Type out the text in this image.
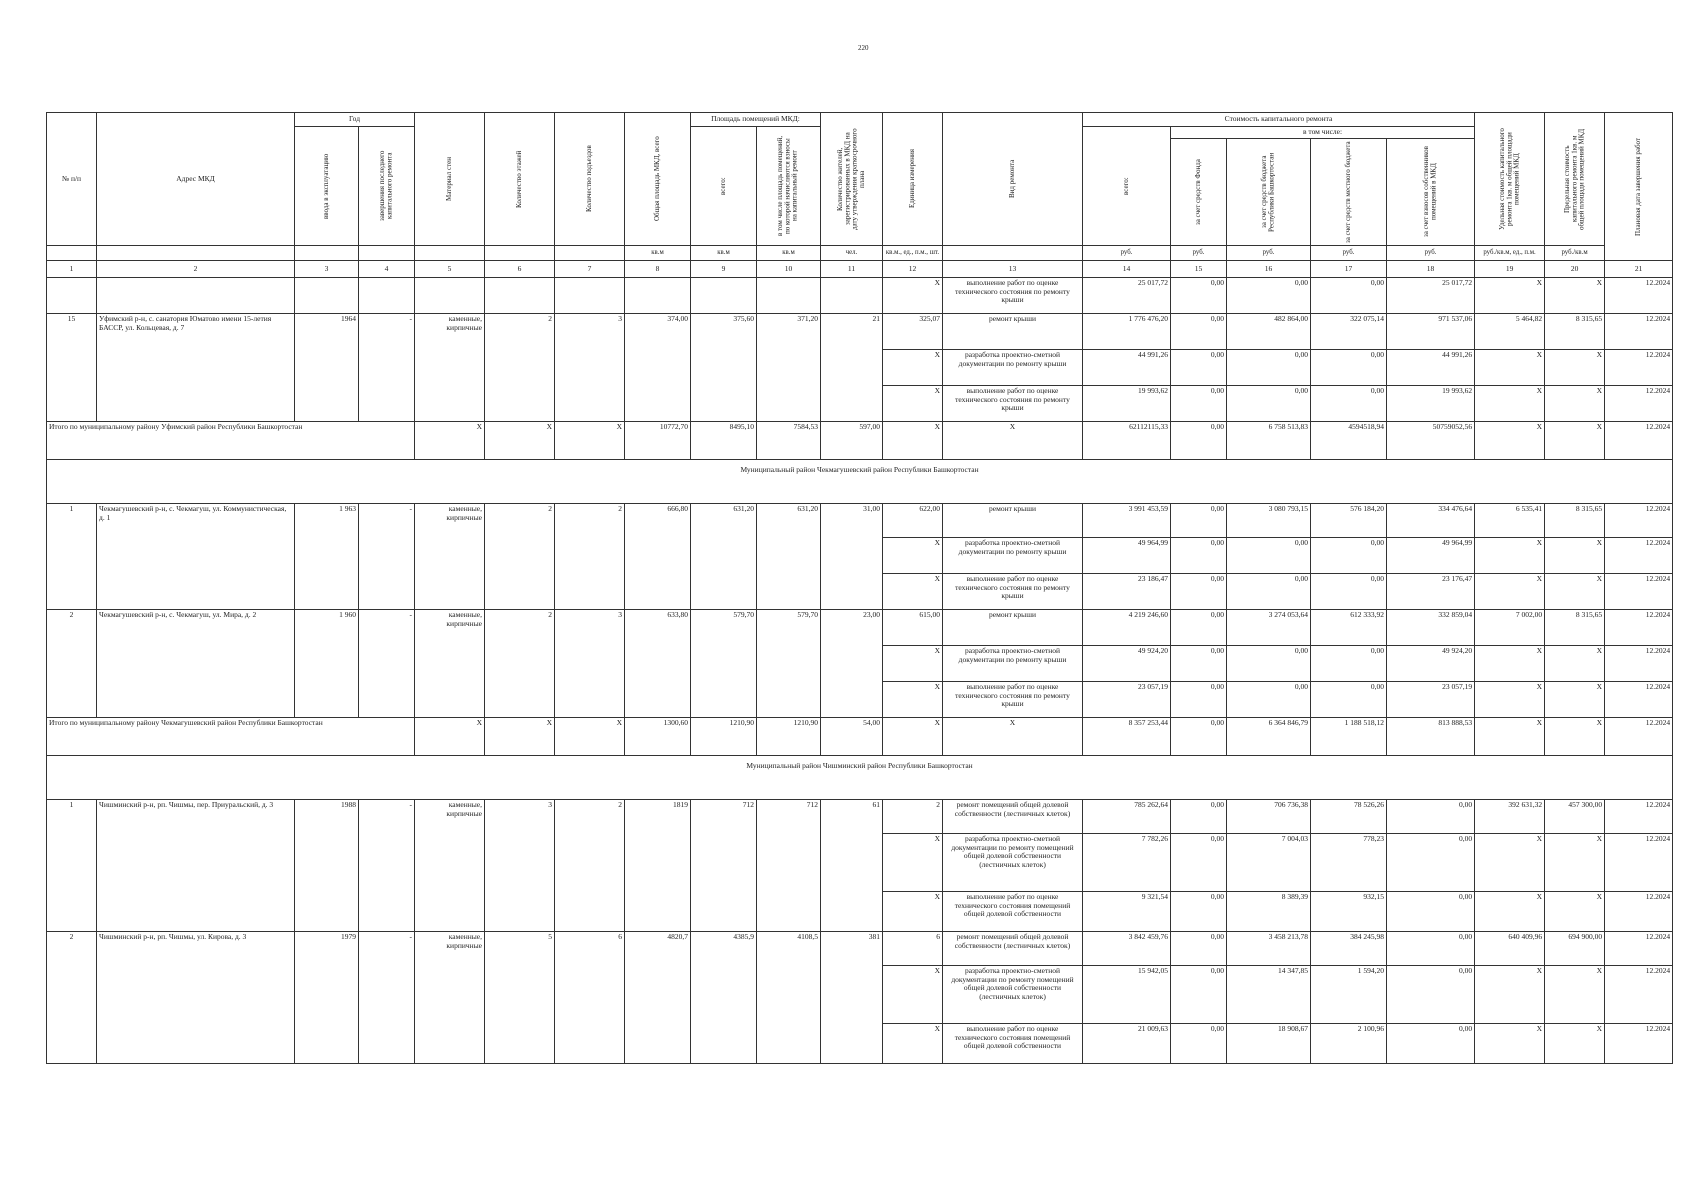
220
№ п/п	Адрес МКД	Год		Материал стен	Количество этажей	Количество подъездов	Общая площадь МКД, всего	Площадь помещений МКД:		Количество жителей, зарегистрированных в МКД на дату утверждения краткосрочного плана	Единица измерения	Вид ремонта	Стоимость капитального ремонта					Удельная стоимость капитального ремонта 1кв. м общей площади помещений МКД	Предельная стоимость капитального ремонта 1кв. м общей площади помещений МКД	Плановая дата завершения работ

		ввода в эксплуатацию	завершения последнего капитального ремонта					всего:	в том числе площадь помещений, по которой начисляются взносы на капитальный ремонт				всего:	в том числе:						

														за счет средств Фонда	за счет средств бюджета Республики Башкортостан	за счет средств местного бюджета	за счет взносов собственников помещений в МКД			

							кв.м	кв.м	кв.м	чел.	кв.м., ед., п.м., шт.		руб.	руб.	руб.	руб.	руб.	руб./кв.м, ед., п.м.	руб./кв.м	
1	2	3	4	5	6	7	8	9	10	11	12	13	14	15	16	17	18	19	20	21
											X	выполнение работ по оценке технического состояния по ремонту крыши	25 017,72	0,00	0,00	0,00	25 017,72	X	X	12.2024
15	Уфимский р-н, с. санатория Юматово имени 15-летия БАССР, ул. Кольцевая, д. 7	1964	-	каменные, кирпичные	2	3	374,00	375,60	371,20	21	325,07	ремонт крыши	1 776 476,20	0,00	482 864,00	322 075,14	971 537,06	5 464,82	8 315,65	12.2024
											X	разработка проектно-сметной документации по ремонту крыши	44 991,26	0,00	0,00	0,00	44 991,26	X	X	12.2024
											X	выполнение работ по оценке технического состояния по ремонту крыши	19 993,62	0,00	0,00	0,00	19 993,62	X	X	12.2024
Итого по муниципальному району Уфимский район Республики Башкортостан				X	X	X	10772,70	8495,10	7584,53	597,00	X	X	62112115,33	0,00	6 758 513,83	4594518,94	50759052,56	X	X	12.2024
Муниципальный район Чекмагушевский район Республики Башкортостан																				
1	Чекмагушевский р-н, с. Чекмагуш, ул. Коммунистическая, д. 1	1 963	-	каменные, кирпичные	2	2	666,80	631,20	631,20	31,00	622,00	ремонт крыши	3 991 453,59	0,00	3 080 793,15	576 184,20	334 476,64	6 535,41	8 315,65	12.2024
											X	разработка проектно-сметной документации по ремонту крыши	49 964,99	0,00	0,00	0,00	49 964,99	X	X	12.2024
											X	выполнение работ по оценке технического состояния по ремонту крыши	23 186,47	0,00	0,00	0,00	23 176,47	X	X	12.2024
2	Чекмагушевский р-н, с. Чекмагуш, ул. Мира, д. 2	1 960	-	каменные, кирпичные	2	3	633,80	579,70	579,70	23,00	615,00	ремонт крыши	4 219 246,60	0,00	3 274 053,64	612 333,92	332 859,04	7 002,00	8 315,65	12.2024
											X	разработка проектно-сметной документации по ремонту крыши	49 924,20	0,00	0,00	0,00	49 924,20	X	X	12.2024
											X	выполнение работ по оценке технического состояния по ремонту крыши	23 057,19	0,00	0,00	0,00	23 057,19	X	X	12.2024
Итого по муниципальному району Чекмагушевский район Республики Башкортостан				X	X	X	1300,60	1210,90	1210,90	54,00	X	X	8 357 253,44	0,00	6 364 846,79	1 188 518,12	813 888,53	X	X	12.2024
Муниципальный район Чишминский район Республики Башкортостан																				
1	Чишминский р-н, рп. Чишмы, пер. Приуральский, д. 3	1988	-	каменные, кирпичные	3	2	1819	712	712	61	2	ремонт помещений общей долевой собственности (лестничных клеток)	785 262,64	0,00	706 736,38	78 526,26	0,00	392 631,32	457 300,00	12.2024
											X	разработка проектно-сметной документации по ремонту помещений общей долевой собственности (лестничных клеток)	7 782,26	0,00	7 004,03	778,23	0,00	X	X	12.2024
											X	выполнение работ по оценке технического состояния помещений общей долевой собственности	9 321,54	0,00	8 389,39	932,15	0,00	X	X	12.2024
2	Чишминский р-н, рп. Чишмы, ул. Кирова, д. 3	1979	-	каменные, кирпичные	5	6	4820,7	4385,9	4108,5	381	6	ремонт помещений общей долевой собственности (лестничных клеток)	3 842 459,76	0,00	3 458 213,78	384 245,98	0,00	640 409,96	694 900,00	12.2024
											X	разработка проектно-сметной документации по ремонту помещений общей долевой собственности (лестничных клеток)	15 942,05	0,00	14 347,85	1 594,20	0,00	X	X	12.2024
											X	выполнение работ по оценке технического состояния помещений общей долевой собственности	21 009,63	0,00	18 908,67	2 100,96	0,00	X	X	12.2024
